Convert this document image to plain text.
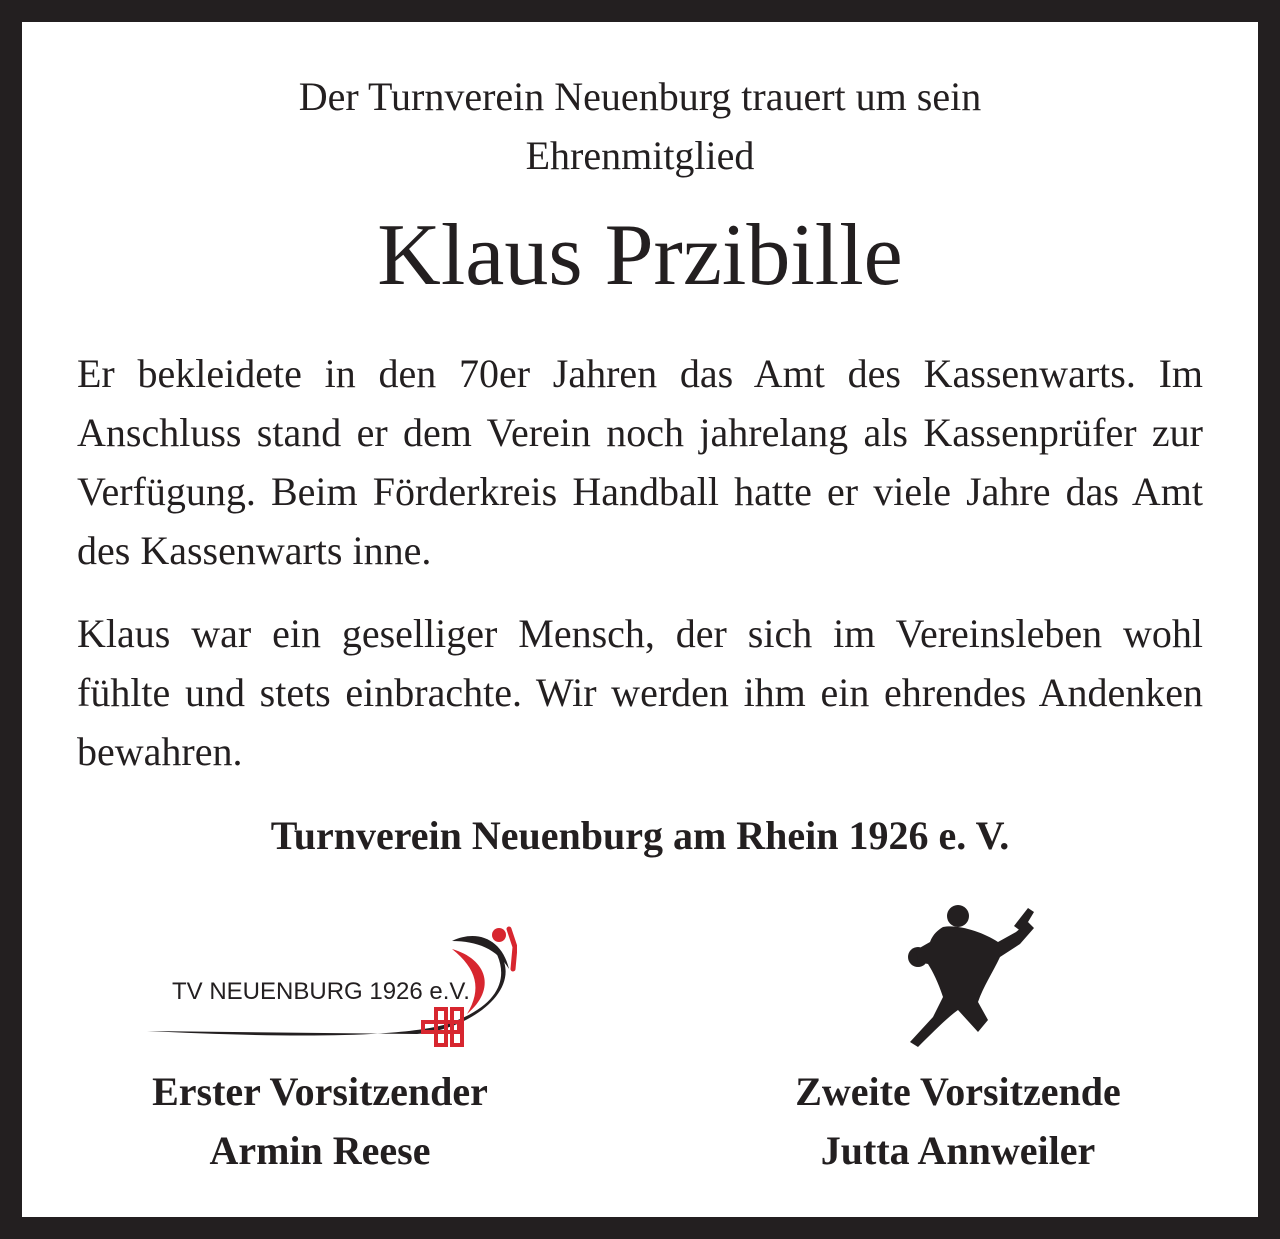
Der Turnverein Neuenburg trauert um sein
Ehrenmitglied
Klaus Przibille
Er bekleidete in den 70er Jahren das Amt des Kassenwarts. Im Anschluss stand er dem Verein noch jahrelang als Kassenprüfer zur Verfügung. Beim Förderkreis Handball hatte er viele Jahre das Amt des Kassenwarts inne.
Klaus war ein geselliger Mensch, der sich im Vereinsleben wohl fühlte und stets einbrachte. Wir werden ihm ein ehrendes Andenken bewahren.
Turnverein Neuenburg am Rhein 1926 e. V.
TV NEUENBURG 1926 e.V.
Erster Vorsitzender
Armin Reese
Zweite Vorsitzende
Jutta Annweiler
